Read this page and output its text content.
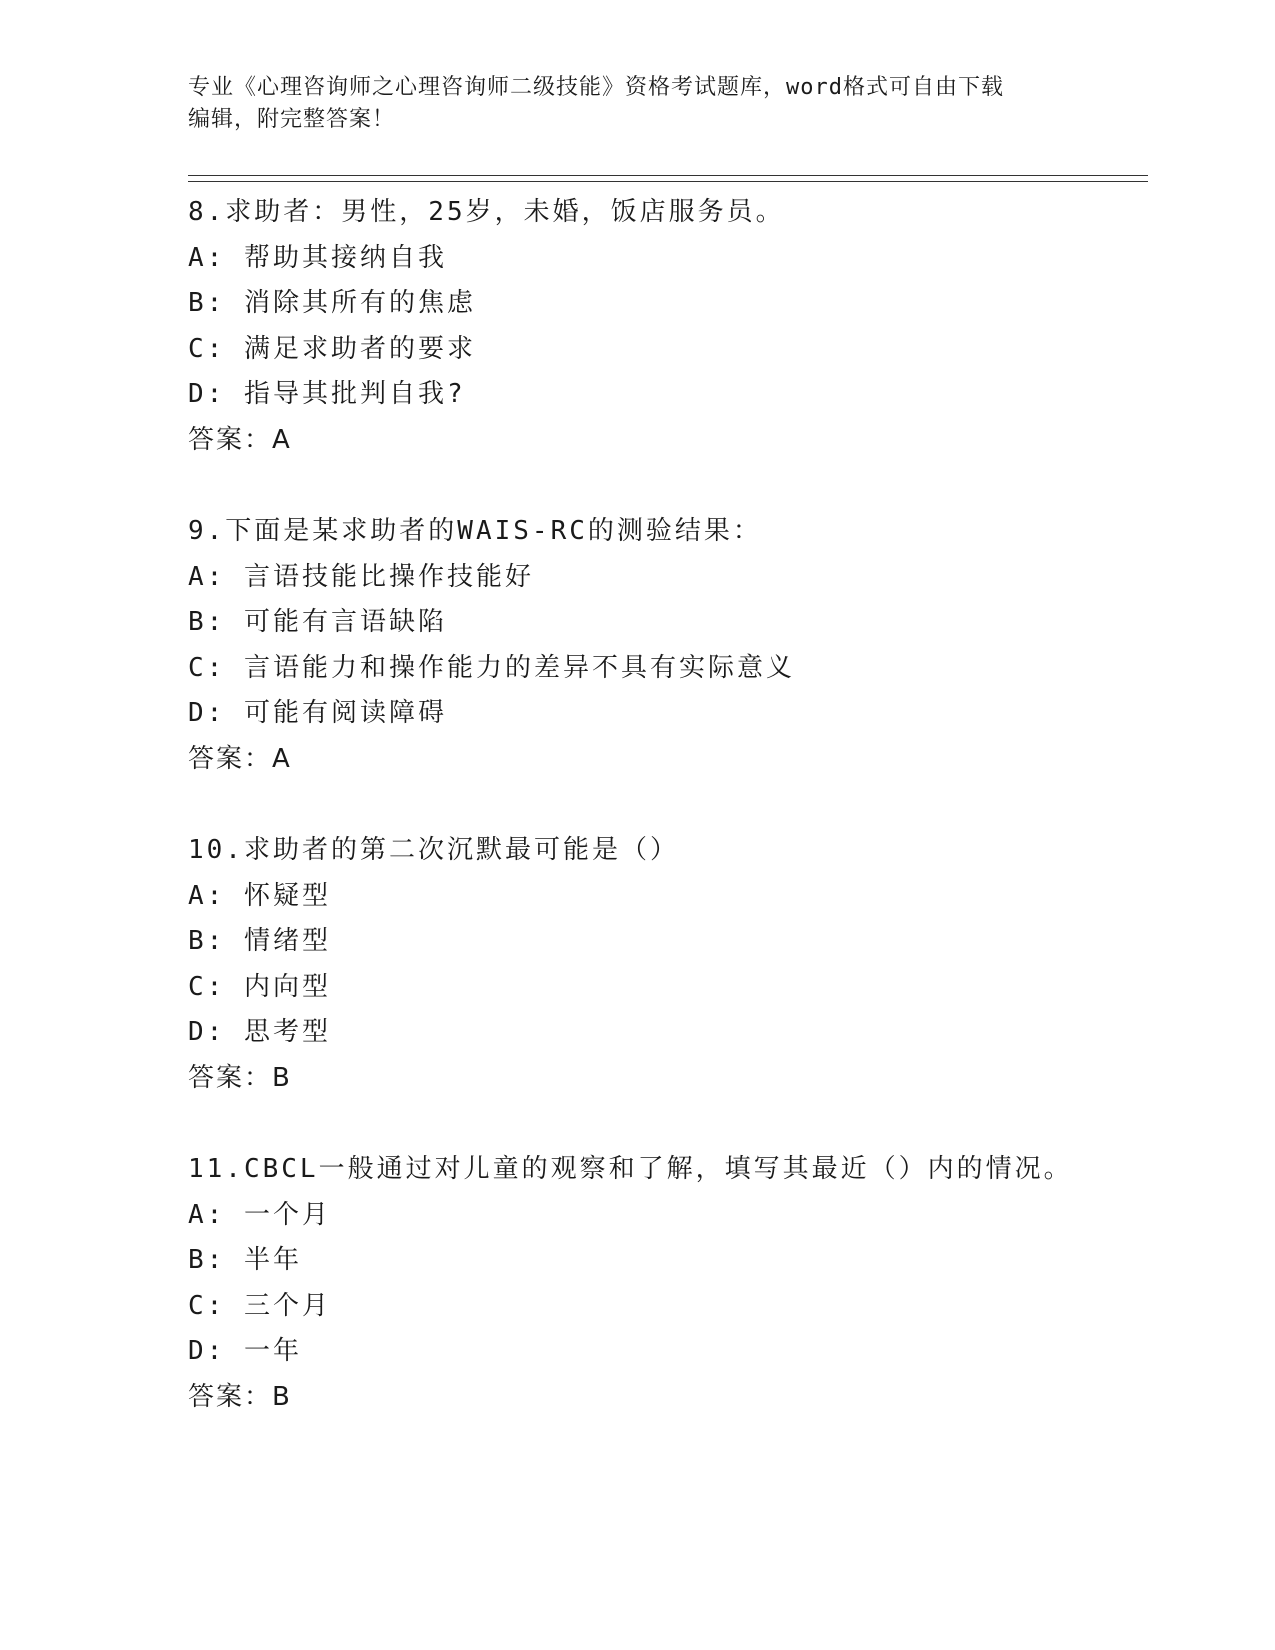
专业《心理咨询师之心理咨询师二级技能》资格考试题库，word格式可自由下载
编辑，附完整答案！
8.求助者：男性，25岁，未婚，饭店服务员。
A: 帮助其接纳自我
B: 消除其所有的焦虑
C: 满足求助者的要求
D: 指导其批判自我?
答案：A
9.下面是某求助者的WAIS-RC的测验结果：
A: 言语技能比操作技能好
B: 可能有言语缺陷
C: 言语能力和操作能力的差异不具有实际意义
D: 可能有阅读障碍
答案：A
10.求助者的第二次沉默最可能是（）
A: 怀疑型
B: 情绪型
C: 内向型
D: 思考型
答案：B
11.CBCL一般通过对儿童的观察和了解，填写其最近（）内的情况。
A: 一个月
B: 半年
C: 三个月
D: 一年
答案：B
